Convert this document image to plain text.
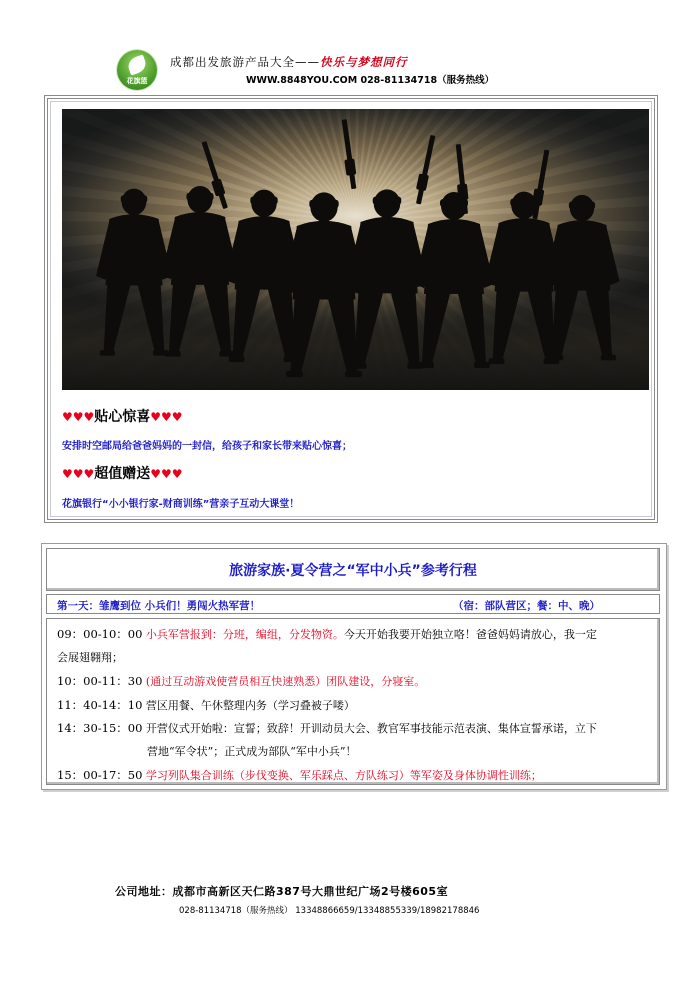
花旗篮
成都出发旅游产品大全——快乐与梦想同行
WWW.8848YOU.COM 028-81134718（服务热线）
♥♥♥贴心惊喜♥♥♥
安排时空邮局给爸爸妈妈的一封信，给孩子和家长带来贴心惊喜；
♥♥♥超值赠送♥♥♥
花旗银行“小小银行家-财商训练”营亲子互动大课堂！
旅游家族·夏令营之“军中小兵”参考行程
第一天：雏鹰到位 小兵们！勇闯火热军营！	（宿：部队营区；餐：中、晚）
09：00-10：00 小兵军营报到：分班，编组，分发物资。今天开始我要开始独立咯！爸爸妈妈请放心，我一定
会展翅翱翔；
10：00-11：30 (通过互动游戏使营员相互快速熟悉）团队建设，分寝室。
11：40-14：10 营区用餐、午休整理内务（学习叠被子喽）
14：30-15：00 开营仪式开始啦：宣誓；致辞！开训动员大会、教官军事技能示范表演、集体宣誓承诺，立下
营地“军令状”；正式成为部队“军中小兵”！
15：00-17：50 学习列队集合训练（步伐变换、军乐踩点、方队练习）等军姿及身体协调性训练；
公司地址：成都市高新区天仁路387号大鼎世纪广场2号楼605室
028-81134718（服务热线） 13348866659/13348855339/18982178846
